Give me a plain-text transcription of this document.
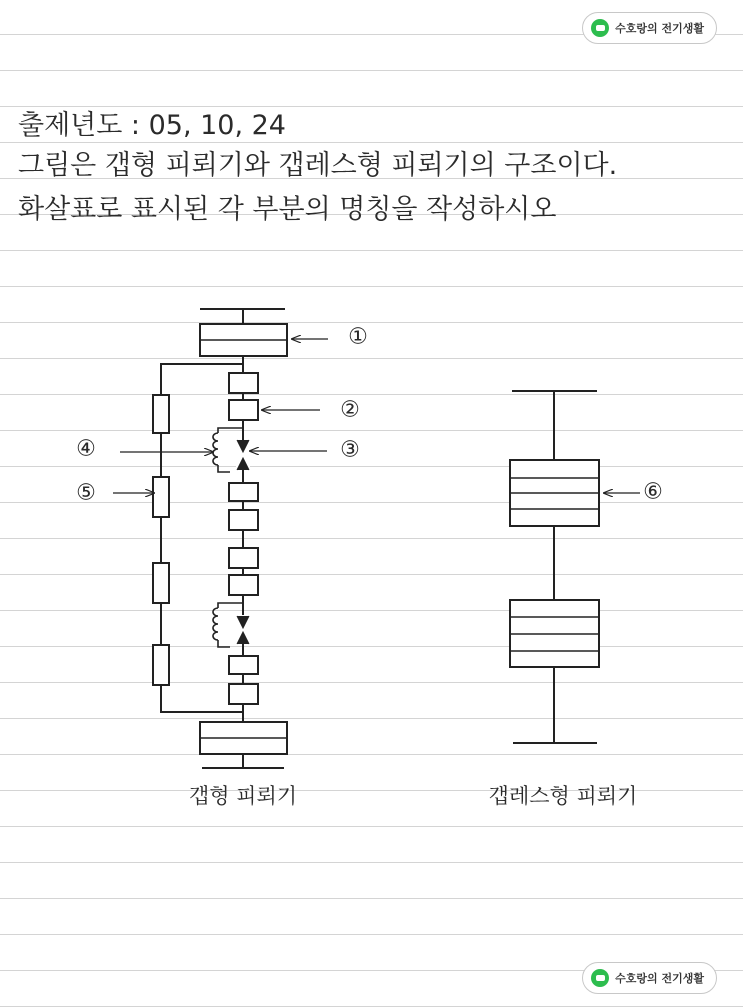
수호랑의 전기생활
출제년도 : 05, 10, 24
그림은 갭형 피뢰기와 갭레스형 피뢰기의 구조이다.
화살표로 표시된 각 부분의 명칭을 작성하시오
①
②
③
④
⑤	⑥
갭형 피뢰기	갭레스형 피뢰기
수호랑의 전기생활
